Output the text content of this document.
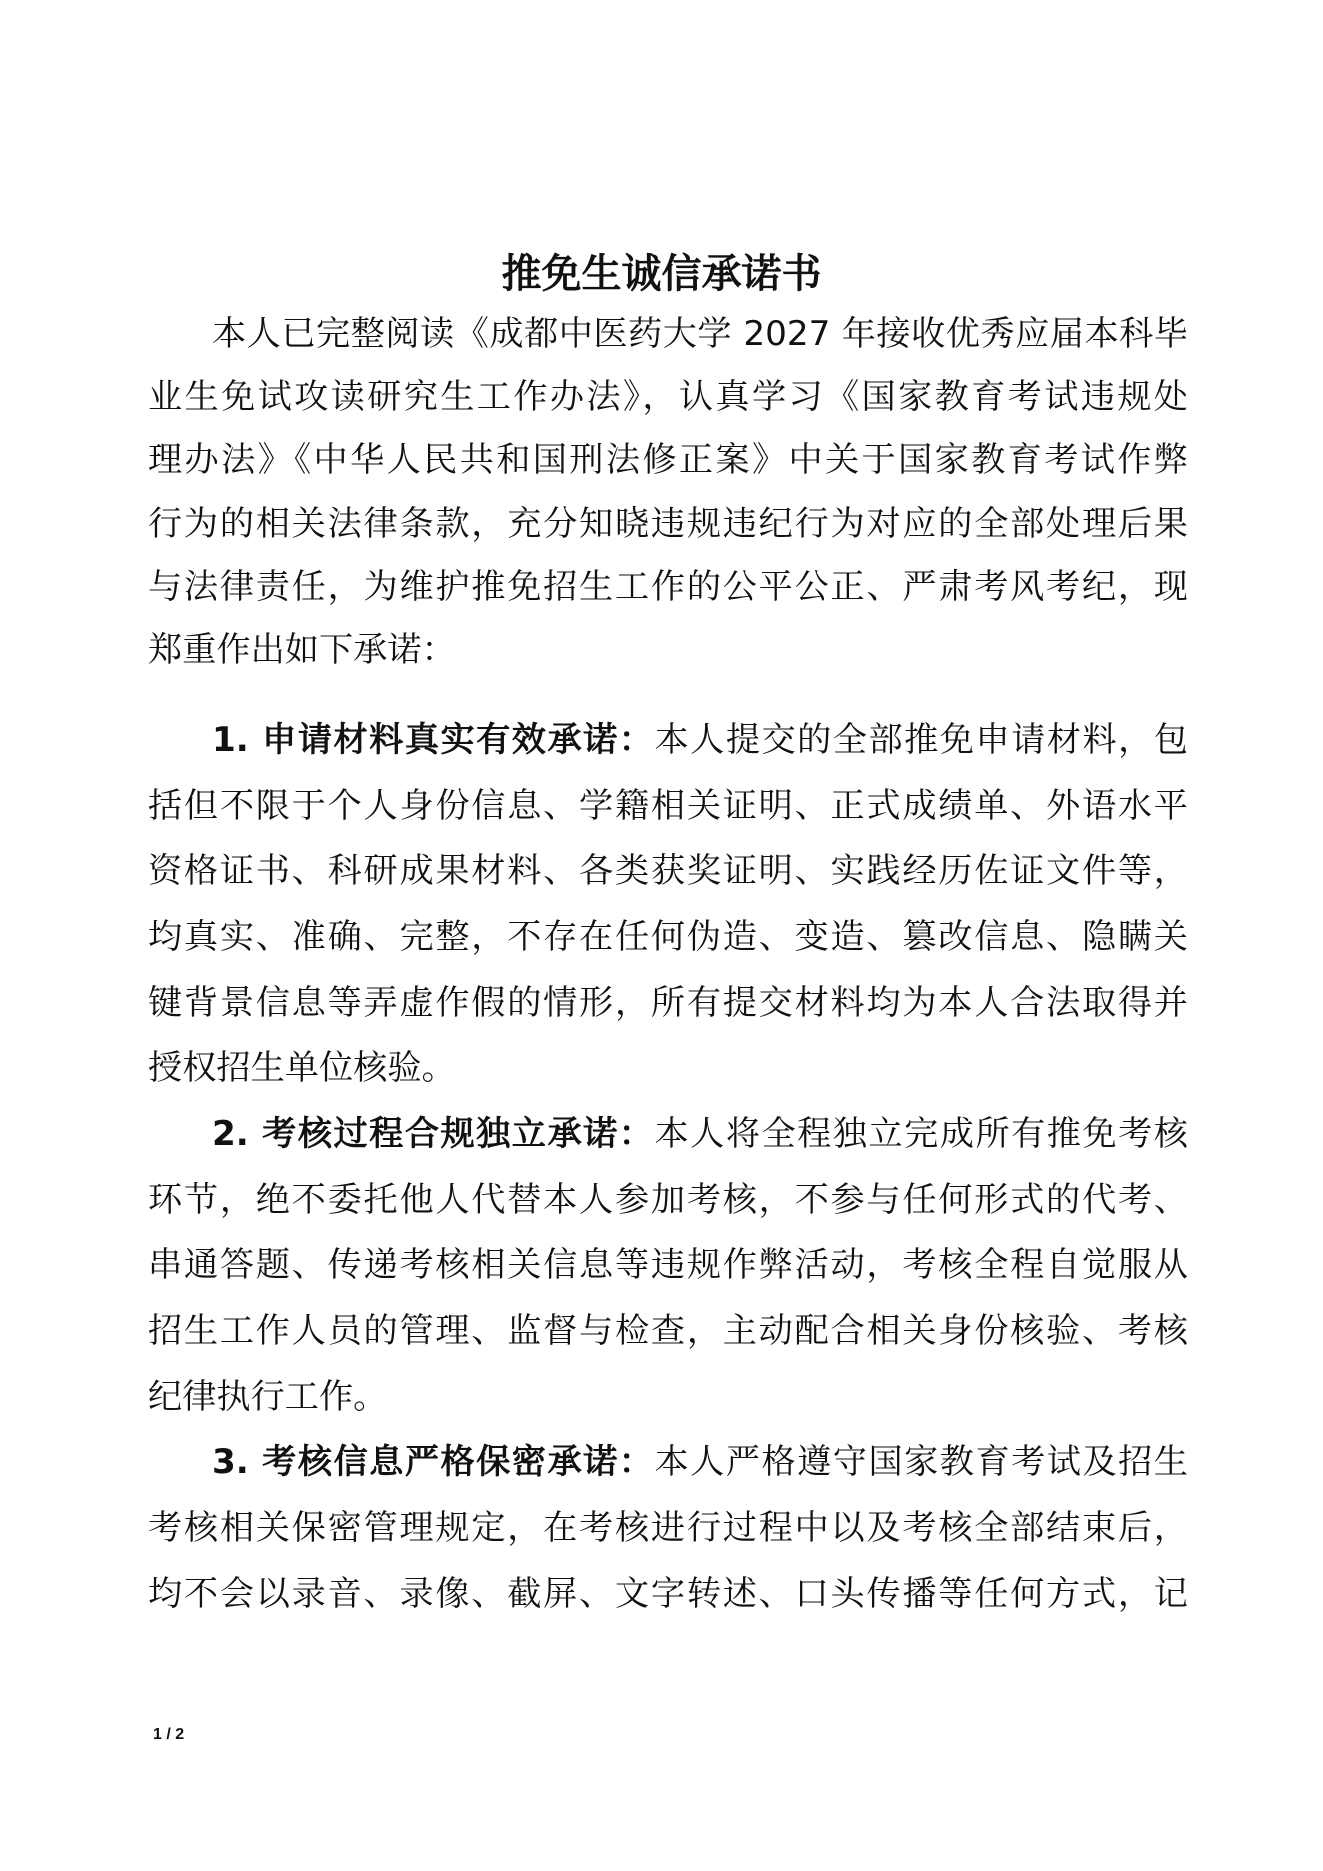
推免生诚信承诺书
本人已完整阅读《成都中医药大学 2027 年接收优秀应届本科毕
业生免试攻读研究生工作办法》，认真学习《国家教育考试违规处
理办法》《中华人民共和国刑法修正案》中关于国家教育考试作弊
行为的相关法律条款，充分知晓违规违纪行为对应的全部处理后果
与法律责任，为维护推免招生工作的公平公正、严肃考风考纪，现
郑重作出如下承诺：
1. 申请材料真实有效承诺：本人提交的全部推免申请材料，包
括但不限于个人身份信息、学籍相关证明、正式成绩单、外语水平
资格证书、科研成果材料、各类获奖证明、实践经历佐证文件等，
均真实、准确、完整，不存在任何伪造、变造、篡改信息、隐瞒关
键背景信息等弄虚作假的情形，所有提交材料均为本人合法取得并
授权招生单位核验。
2. 考核过程合规独立承诺：本人将全程独立完成所有推免考核
环节，绝不委托他人代替本人参加考核，不参与任何形式的代考、
串通答题、传递考核相关信息等违规作弊活动，考核全程自觉服从
招生工作人员的管理、监督与检查，主动配合相关身份核验、考核
纪律执行工作。
3. 考核信息严格保密承诺：本人严格遵守国家教育考试及招生
考核相关保密管理规定，在考核进行过程中以及考核全部结束后，
均不会以录音、录像、截屏、文字转述、口头传播等任何方式，记
1 / 2
